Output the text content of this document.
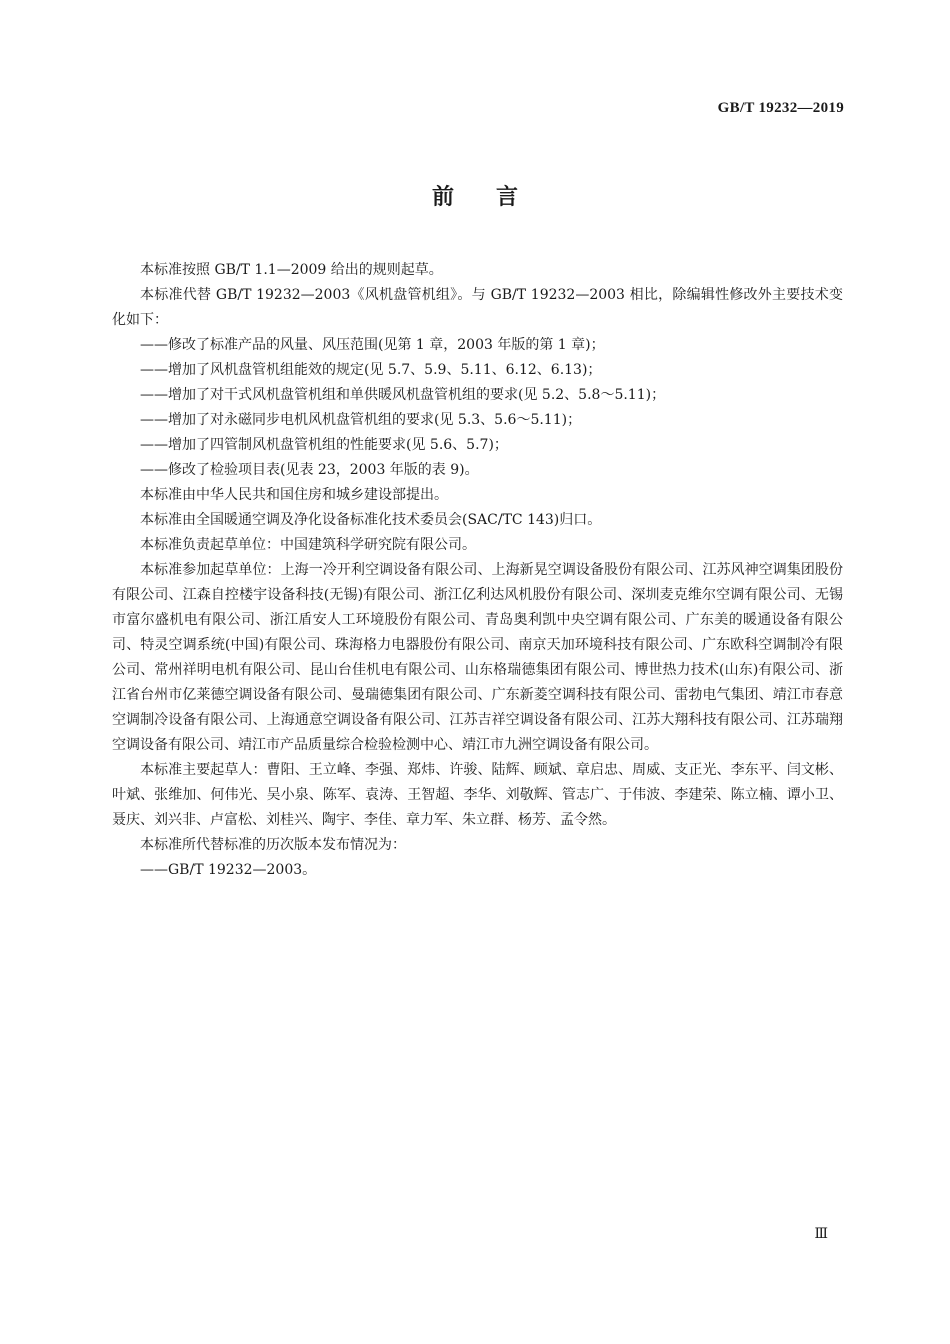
GB/T 19232—2019
前言

本标准按照 GB/T 1.1—2009 给出的规则起草。

本标准代替 GB/T 19232—2003《风机盘管机组》。与 GB/T 19232—2003 相比，除编辑性修改外主要技术变化如下：

——修改了标准产品的风量、风压范围(见第 1 章，2003 年版的第 1 章)；

——增加了风机盘管机组能效的规定(见 5.7、5.9、5.11、6.12、6.13)；

——增加了对干式风机盘管机组和单供暖风机盘管机组的要求(见 5.2、5.8～5.11)；

——增加了对永磁同步电机风机盘管机组的要求(见 5.3、5.6～5.11)；

——增加了四管制风机盘管机组的性能要求(见 5.6、5.7)；

——修改了检验项目表(见表 23，2003 年版的表 9)。

本标准由中华人民共和国住房和城乡建设部提出。

本标准由全国暖通空调及净化设备标准化技术委员会(SAC/TC 143)归口。

本标准负责起草单位：中国建筑科学研究院有限公司。

本标准参加起草单位：上海一冷开利空调设备有限公司、上海新晃空调设备股份有限公司、江苏风神空调集团股份有限公司、江森自控楼宇设备科技(无锡)有限公司、浙江亿利达风机股份有限公司、深圳麦克维尔空调有限公司、无锡市富尔盛机电有限公司、浙江盾安人工环境股份有限公司、青岛奥利凯中央空调有限公司、广东美的暖通设备有限公司、特灵空调系统(中国)有限公司、珠海格力电器股份有限公司、南京天加环境科技有限公司、广东欧科空调制冷有限公司、常州祥明电机有限公司、昆山台佳机电有限公司、山东格瑞德集团有限公司、博世热力技术(山东)有限公司、浙江省台州市亿莱德空调设备有限公司、曼瑞德集团有限公司、广东新菱空调科技有限公司、雷勃电气集团、靖江市春意空调制冷设备有限公司、上海通意空调设备有限公司、江苏吉祥空调设备有限公司、江苏大翔科技有限公司、江苏瑞翔空调设备有限公司、靖江市产品质量综合检验检测中心、靖江市九洲空调设备有限公司。

本标准主要起草人：曹阳、王立峰、李强、郑炜、许骏、陆辉、顾斌、章启忠、周威、支正光、李东平、闫文彬、叶斌、张维加、何伟光、吴小泉、陈军、袁涛、王智超、李华、刘敬辉、管志广、于伟波、李建荣、陈立楠、谭小卫、聂庆、刘兴非、卢富松、刘桂兴、陶宇、李佳、章力军、朱立群、杨芳、孟令然。

本标准所代替标准的历次版本发布情况为：

——GB/T 19232—2003。

Ⅲ
